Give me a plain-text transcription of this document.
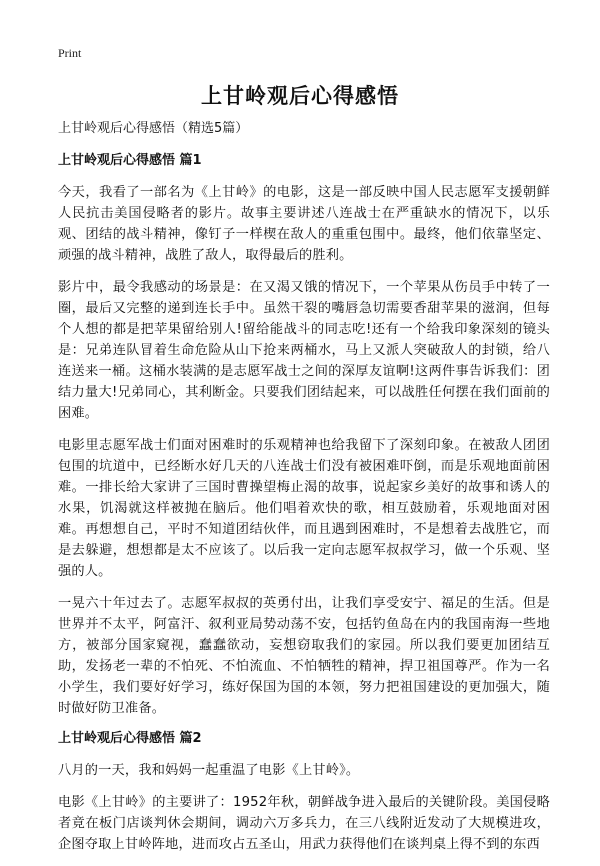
Print
上甘岭观后心得感悟

上甘岭观后心得感悟（精选5篇）

上甘岭观后心得感悟 篇1

今天，我看了一部名为《上甘岭》的电影，这是一部反映中国人民志愿军支援朝鲜人民抗击美国侵略者的影片。故事主要讲述八连战士在严重缺水的情况下，以乐观、团结的战斗精神，像钉子一样楔在敌人的重重包围中。最终，他们依靠坚定、顽强的战斗精神，战胜了敌人，取得最后的胜利。

影片中，最令我感动的场景是：在又渴又饿的情况下，一个苹果从伤员手中转了一圈，最后又完整的递到连长手中。虽然干裂的嘴唇急切需要香甜苹果的滋润，但每个人想的都是把苹果留给别人!留给能战斗的同志吃!还有一个给我印象深刻的镜头是：兄弟连队冒着生命危险从山下抢来两桶水，马上又派人突破敌人的封锁，给八连送来一桶。这桶水装满的是志愿军战士之间的深厚友谊啊!这两件事告诉我们：团结力量大!兄弟同心，其利断金。只要我们团结起来，可以战胜任何摆在我们面前的困难。

电影里志愿军战士们面对困难时的乐观精神也给我留下了深刻印象。在被敌人团团包围的坑道中，已经断水好几天的八连战士们没有被困难吓倒，而是乐观地面前困难。一排长给大家讲了三国时曹操望梅止渴的故事，说起家乡美好的故事和诱人的水果，饥渴就这样被抛在脑后。他们唱着欢快的歌，相互鼓励着，乐观地面对困难。再想想自己，平时不知道团结伙伴，而且遇到困难时，不是想着去战胜它，而是去躲避，想想都是太不应该了。以后我一定向志愿军叔叔学习，做一个乐观、坚强的人。

一晃六十年过去了。志愿军叔叔的英勇付出，让我们享受安宁、福足的生活。但是世界并不太平，阿富汗、叙利亚局势动荡不安，包括钓鱼岛在内的我国南海一些地方，被部分国家窥视，蠢蠢欲动，妄想窃取我们的家园。所以我们要更加团结互助，发扬老一辈的不怕死、不怕流血、不怕牺牲的精神，捍卫祖国尊严。作为一名小学生，我们要好好学习，练好保国为国的本领，努力把祖国建设的更加强大，随时做好防卫准备。

上甘岭观后心得感悟 篇2

八月的一天，我和妈妈一起重温了电影《上甘岭》。

电影《上甘岭》的主要讲了：1952年秋，朝鲜战争进入最后的关键阶段。美国侵略者竟在板门店谈判休会期间，调动六万多兵力，在三八线附近发动了大规模进攻，企图夺取上甘岭阵地，进而攻占五圣山，用武力获得他们在谈判桌上得不到的东西
